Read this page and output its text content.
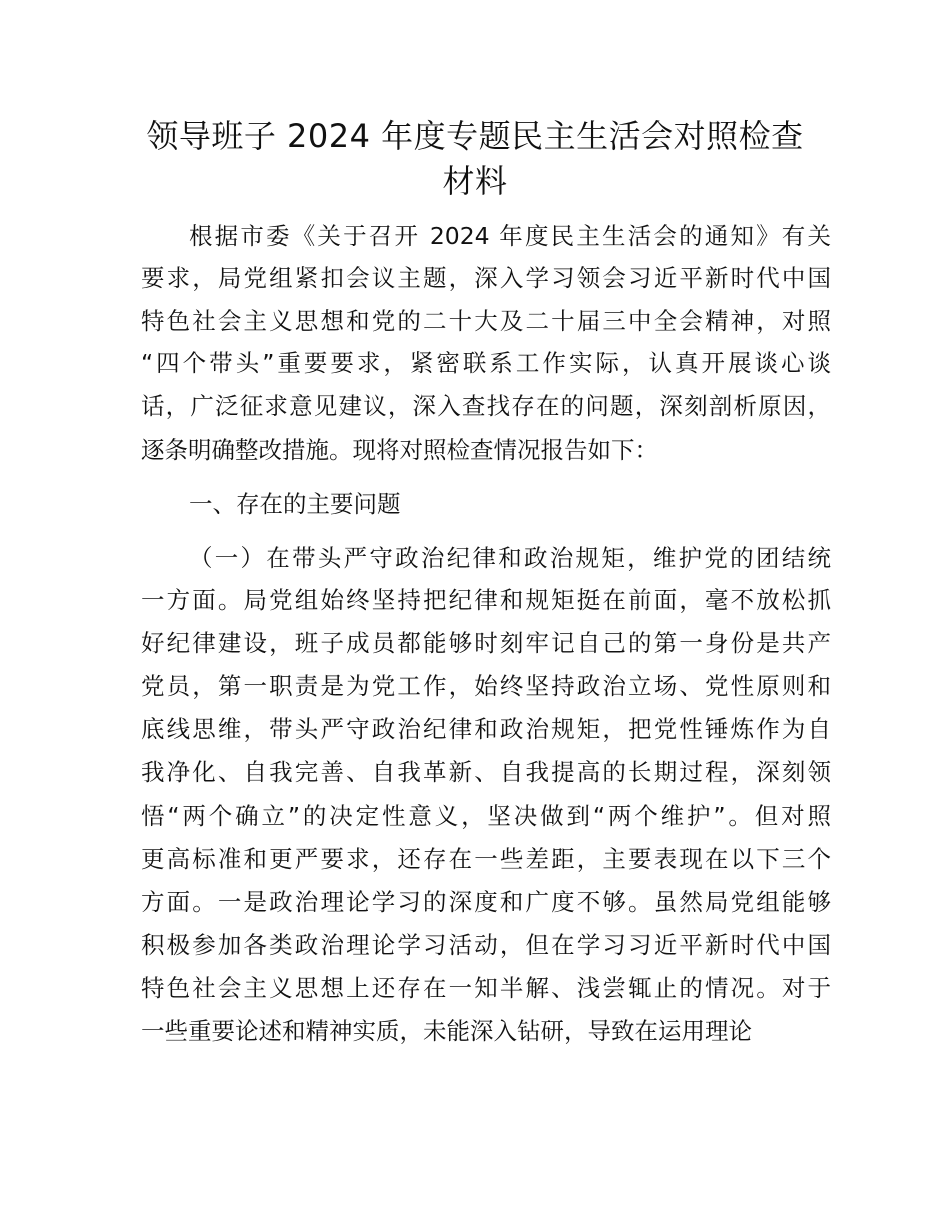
领导班子 2024 年度专题民主生活会对照检查
材料
根据市委《关于召开 2024 年度民主生活会的通知》有关
要求，局党组紧扣会议主题，深入学习领会习近平新时代中国
特色社会主义思想和党的二十大及二十届三中全会精神，对照
“四个带头”重要要求，紧密联系工作实际，认真开展谈心谈
话，广泛征求意见建议，深入查找存在的问题，深刻剖析原因，
逐条明确整改措施。现将对照检查情况报告如下：
一、存在的主要问题
（一）在带头严守政治纪律和政治规矩，维护党的团结统
一方面。局党组始终坚持把纪律和规矩挺在前面，毫不放松抓
好纪律建设，班子成员都能够时刻牢记自己的第一身份是共产
党员，第一职责是为党工作，始终坚持政治立场、党性原则和
底线思维，带头严守政治纪律和政治规矩，把党性锤炼作为自
我净化、自我完善、自我革新、自我提高的长期过程，深刻领
悟“两个确立”的决定性意义，坚决做到“两个维护”。但对照
更高标准和更严要求，还存在一些差距，主要表现在以下三个
方面。一是政治理论学习的深度和广度不够。虽然局党组能够
积极参加各类政治理论学习活动，但在学习习近平新时代中国
特色社会主义思想上还存在一知半解、浅尝辄止的情况。对于
一些重要论述和精神实质，未能深入钻研，导致在运用理论
